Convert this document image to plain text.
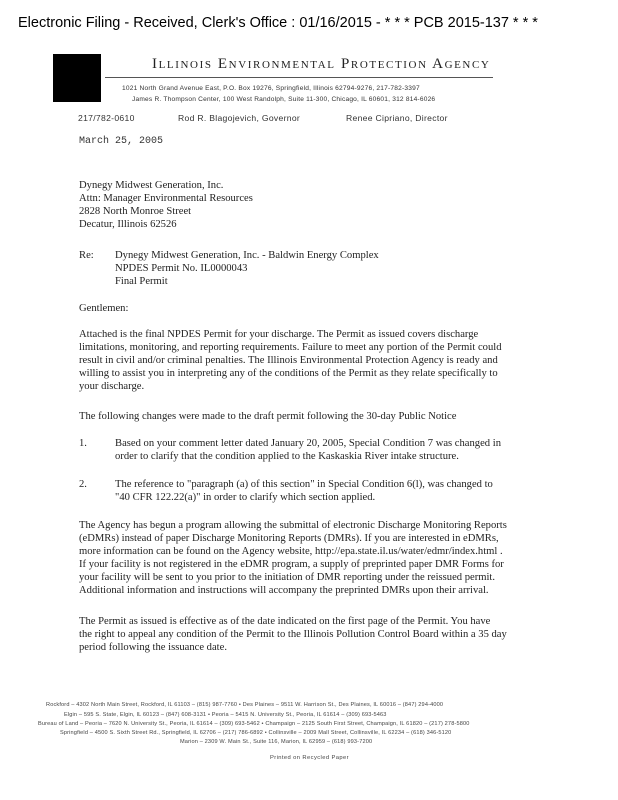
Electronic Filing - Received, Clerk's Office : 01/16/2015 - * * * PCB 2015-137 * * *
Illinois Environmental Protection Agency
1021 North Grand Avenue East, P.O. Box 19276, Springfield, Illinois 62794-9276, 217-782-3397
James R. Thompson Center, 100 West Randolph, Suite 11-300, Chicago, IL 60601, 312 814-6026
217/782-0610	Rod R. Blagojevich, Governor	Renee Cipriano, Director
March 25, 2005
Dynegy Midwest Generation, Inc.
Attn: Manager Environmental Resources
2828 North Monroe Street
Decatur, Illinois 62526
Re: Dynegy Midwest Generation, Inc. - Baldwin Energy Complex
NPDES Permit No. IL0000043
Final Permit
Gentlemen:
Attached is the final NPDES Permit for your discharge. The Permit as issued covers discharge
limitations, monitoring, and reporting requirements. Failure to meet any portion of the Permit could
result in civil and/or criminal penalties. The Illinois Environmental Protection Agency is ready and
willing to assist you in interpreting any of the conditions of the Permit as they relate specifically to
your discharge.
The following changes were made to the draft permit following the 30-day Public Notice
1.	Based on your comment letter dated January 20, 2005, Special Condition 7 was changed in
order to clarify that the condition applied to the Kaskaskia River intake structure.
2.	The reference to "paragraph (a) of this section" in Special Condition 6(l), was changed to
"40 CFR 122.22(a)" in order to clarify which section applied.
The Agency has begun a program allowing the submittal of electronic Discharge Monitoring Reports
(eDMRs) instead of paper Discharge Monitoring Reports (DMRs). If you are interested in eDMRs,
more information can be found on the Agency website, http://epa.state.il.us/water/edmr/index.html .
If your facility is not registered in the eDMR program, a supply of preprinted paper DMR Forms for
your facility will be sent to you prior to the initiation of DMR reporting under the reissued permit.
Additional information and instructions will accompany the preprinted DMRs upon their arrival.
The Permit as issued is effective as of the date indicated on the first page of the Permit. You have
the right to appeal any condition of the Permit to the Illinois Pollution Control Board within a 35 day
period following the issuance date.
Rockford – 4302 North Main Street, Rockford, IL 61103 – (815) 987-7760 • Des Plaines – 9511 W. Harrison St., Des Plaines, IL 60016 – (847) 294-4000
Elgin – 595 S. State, Elgin, IL 60123 – (847) 608-3131 • Peoria – 5415 N. University St., Peoria, IL 61614 – (309) 693-5463
Bureau of Land – Peoria – 7620 N. University St., Peoria, IL 61614 – (309) 693-5462 • Champaign – 2125 South First Street, Champaign, IL 61820 – (217) 278-5800
Springfield – 4500 S. Sixth Street Rd., Springfield, IL 62706 – (217) 786-6892 • Collinsville – 2009 Mall Street, Collinsville, IL 62234 – (618) 346-5120
Marion – 2309 W. Main St., Suite 116, Marion, IL 62959 – (618) 993-7200
Printed on Recycled Paper
